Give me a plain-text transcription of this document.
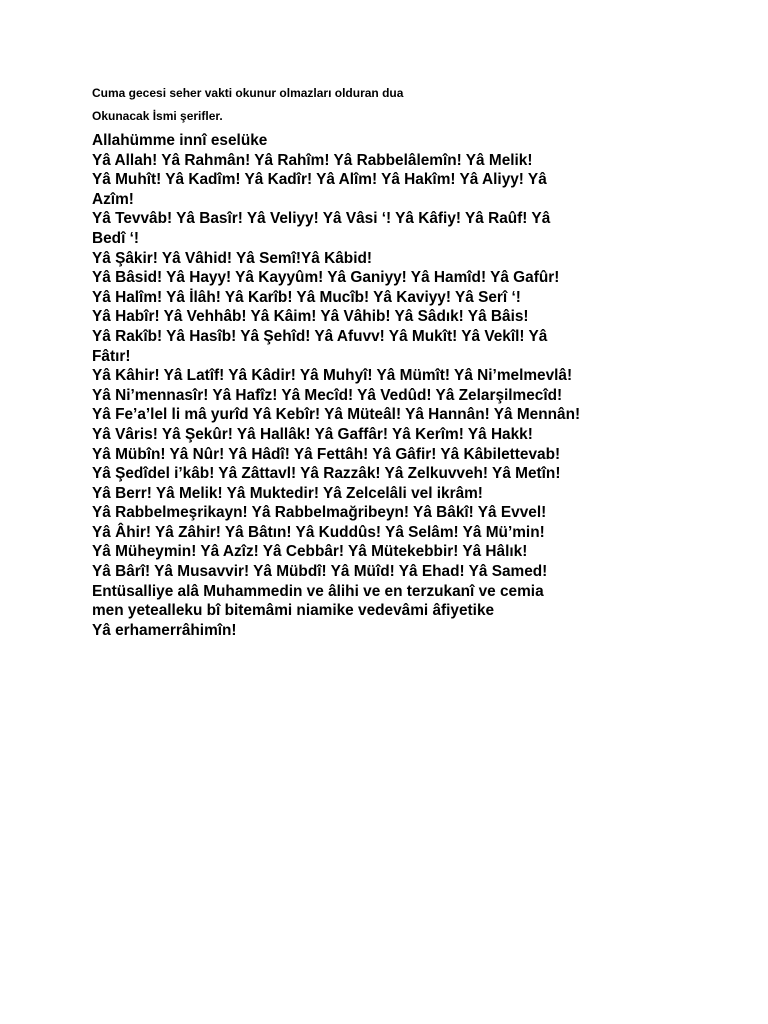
Cuma gecesi seher vakti okunur olmazları olduran dua

Okunacak İsmi şerifler.

Allahümme innî eselüke

Yâ Allah! Yâ Rahmân! Yâ Rahîm! Yâ Rabbelâlemîn! Yâ Melik!

Yâ Muhît! Yâ Kadîm! Yâ Kadîr! Yâ Alîm! Yâ Hakîm! Yâ Aliyy! Yâ

Azîm!

Yâ Tevvâb! Yâ Basîr! Yâ Veliyy! Yâ Vâsi ‘! Yâ Kâfiy! Yâ Raûf! Yâ

Bedî ‘!

Yâ Şâkir! Yâ Vâhid! Yâ Semî!Yâ Kâbid!

Yâ Bâsid! Yâ Hayy! Yâ Kayyûm! Yâ Ganiyy! Yâ Hamîd! Yâ Gafûr!

Yâ Halîm! Yâ İlâh! Yâ Karîb! Yâ Mucîb! Yâ Kaviyy! Yâ Serî ‘!

Yâ Habîr! Yâ Vehhâb! Yâ Kâim! Yâ Vâhib! Yâ Sâdık! Yâ Bâis!

Yâ Rakîb! Yâ Hasîb! Yâ Şehîd! Yâ Afuvv! Yâ Mukît! Yâ Vekîl! Yâ

Fâtır!

Yâ Kâhir! Yâ Latîf! Yâ Kâdir! Yâ Muhyî! Yâ Mümît! Yâ Ni’melmevlâ!

Yâ Ni’mennasîr! Yâ Hafîz! Yâ Mecîd! Yâ Vedûd! Yâ Zelarşilmecîd!

Yâ Fe’a’lel li mâ yurîd Yâ Kebîr! Yâ Müteâl! Yâ Hannân! Yâ Mennân!

Yâ Vâris! Yâ Şekûr! Yâ Hallâk! Yâ Gaffâr! Yâ Kerîm! Yâ Hakk!

Yâ Mübîn! Yâ Nûr! Yâ Hâdî! Yâ Fettâh! Yâ Gâfir! Yâ Kâbilettevab!

Yâ Şedîdel i’kâb! Yâ Zâttavl! Yâ Razzâk! Yâ Zelkuvveh! Yâ Metîn!

Yâ Berr! Yâ Melik! Yâ Muktedir! Yâ Zelcelâli vel ikrâm!

Yâ Rabbelmeşrikayn! Yâ Rabbelmağribeyn! Yâ Bâkî! Yâ Evvel!

Yâ Âhir! Yâ Zâhir! Yâ Bâtın! Yâ Kuddûs! Yâ Selâm! Yâ Mü’min!

Yâ Müheymin! Yâ Azîz! Yâ Cebbâr! Yâ Mütekebbir! Yâ Hâlık!

Yâ Bârî! Yâ Musavvir! Yâ Mübdî! Yâ Müîd! Yâ Ehad! Yâ Samed!

Entüsalliye alâ Muhammedin ve âlihi ve en terzukanî ve cemia

men yetealleku bî bitemâmi niamike vedevâmi âfiyetike

Yâ erhamerrâhimîn!
